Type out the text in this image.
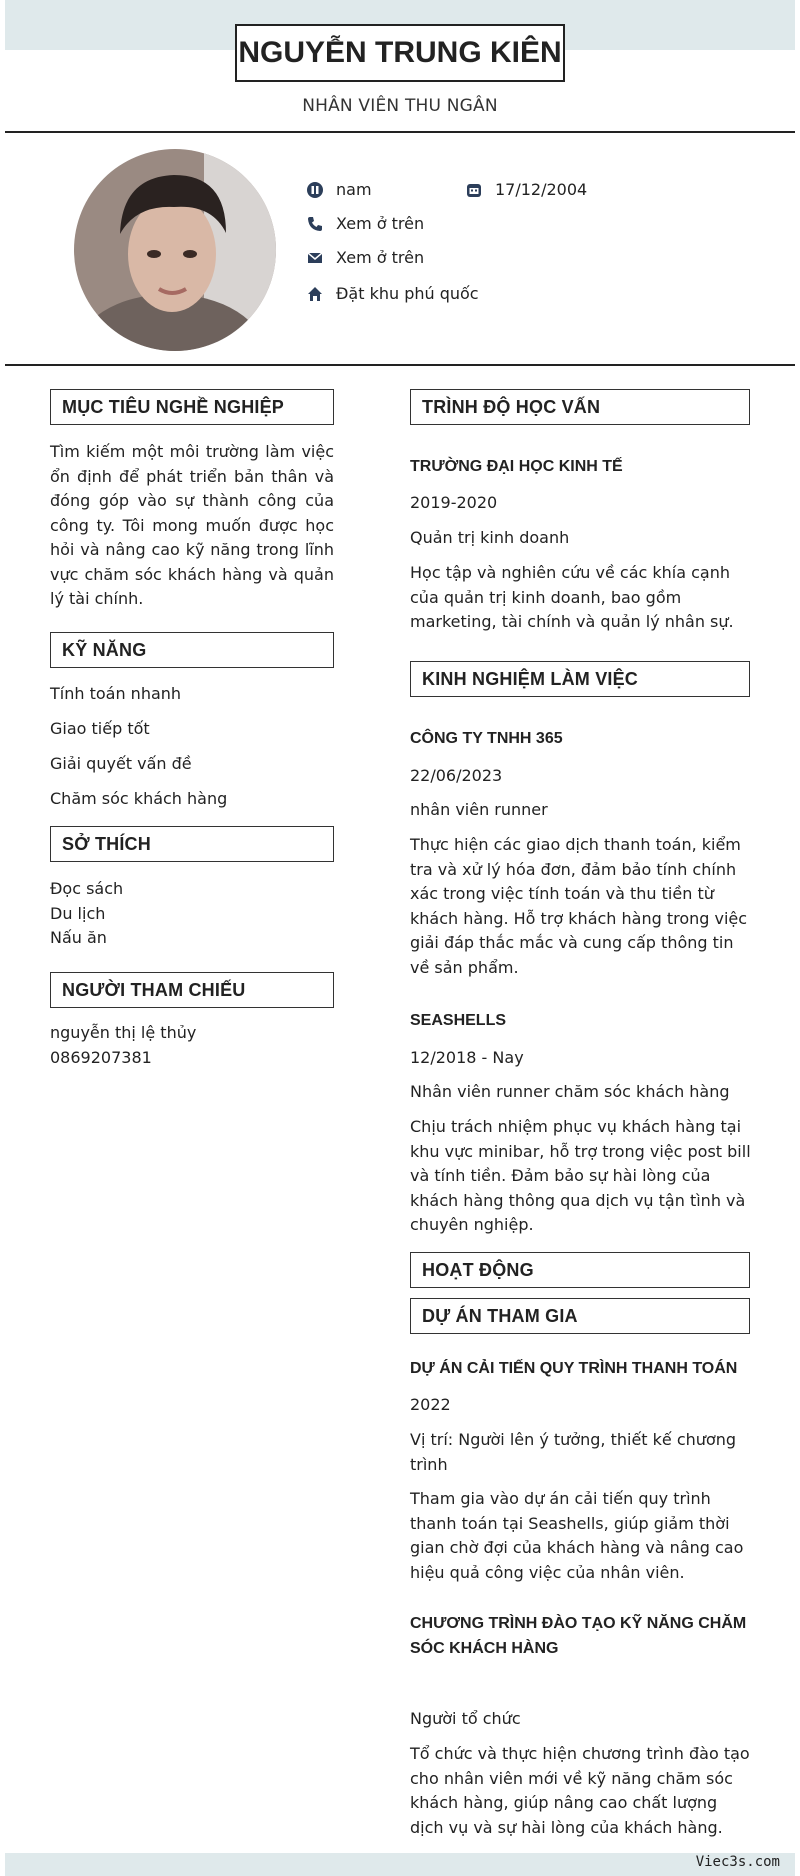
NGUYỄN TRUNG KIÊN
NHÂN VIÊN THU NGÂN
nam	17/12/2004
Xem ở trên
Xem ở trên
Đặt khu phú quốc
MỤC TIÊU NGHỀ NGHIỆP
Tìm kiếm một môi trường làm việc ổn định để phát triển bản thân và đóng góp vào sự thành công của công ty. Tôi mong muốn được học hỏi và nâng cao kỹ năng trong lĩnh vực chăm sóc khách hàng và quản lý tài chính.
KỸ NĂNG
Tính toán nhanh
Giao tiếp tốt
Giải quyết vấn đề
Chăm sóc khách hàng
SỞ THÍCH
Đọc sách
Du lịch
Nấu ăn
NGƯỜI THAM CHIẾU
nguyễn thị lệ thủy
0869207381
TRÌNH ĐỘ HỌC VẤN
TRƯỜNG ĐẠI HỌC KINH TẾ
2019-2020
Quản trị kinh doanh
Học tập và nghiên cứu về các khía cạnh của quản trị kinh doanh, bao gồm marketing, tài chính và quản lý nhân sự.
KINH NGHIỆM LÀM VIỆC
CÔNG TY TNHH 365
22/06/2023
nhân viên runner
Thực hiện các giao dịch thanh toán, kiểm tra và xử lý hóa đơn, đảm bảo tính chính xác trong việc tính toán và thu tiền từ khách hàng. Hỗ trợ khách hàng trong việc giải đáp thắc mắc và cung cấp thông tin về sản phẩm.
SEASHELLS
12/2018 - Nay
Nhân viên runner chăm sóc khách hàng
Chịu trách nhiệm phục vụ khách hàng tại khu vực minibar, hỗ trợ trong việc post bill và tính tiền. Đảm bảo sự hài lòng của khách hàng thông qua dịch vụ tận tình và chuyên nghiệp.
HOẠT ĐỘNG
DỰ ÁN THAM GIA
DỰ ÁN CẢI TIẾN QUY TRÌNH THANH TOÁN
2022
Vị trí: Người lên ý tưởng, thiết kế chương trình
Tham gia vào dự án cải tiến quy trình thanh toán tại Seashells, giúp giảm thời gian chờ đợi của khách hàng và nâng cao hiệu quả công việc của nhân viên.
CHƯƠNG TRÌNH ĐÀO TẠO KỸ NĂNG CHĂM SÓC KHÁCH HÀNG
Người tổ chức
Tổ chức và thực hiện chương trình đào tạo cho nhân viên mới về kỹ năng chăm sóc khách hàng, giúp nâng cao chất lượng dịch vụ và sự hài lòng của khách hàng.
Viec3s.com
